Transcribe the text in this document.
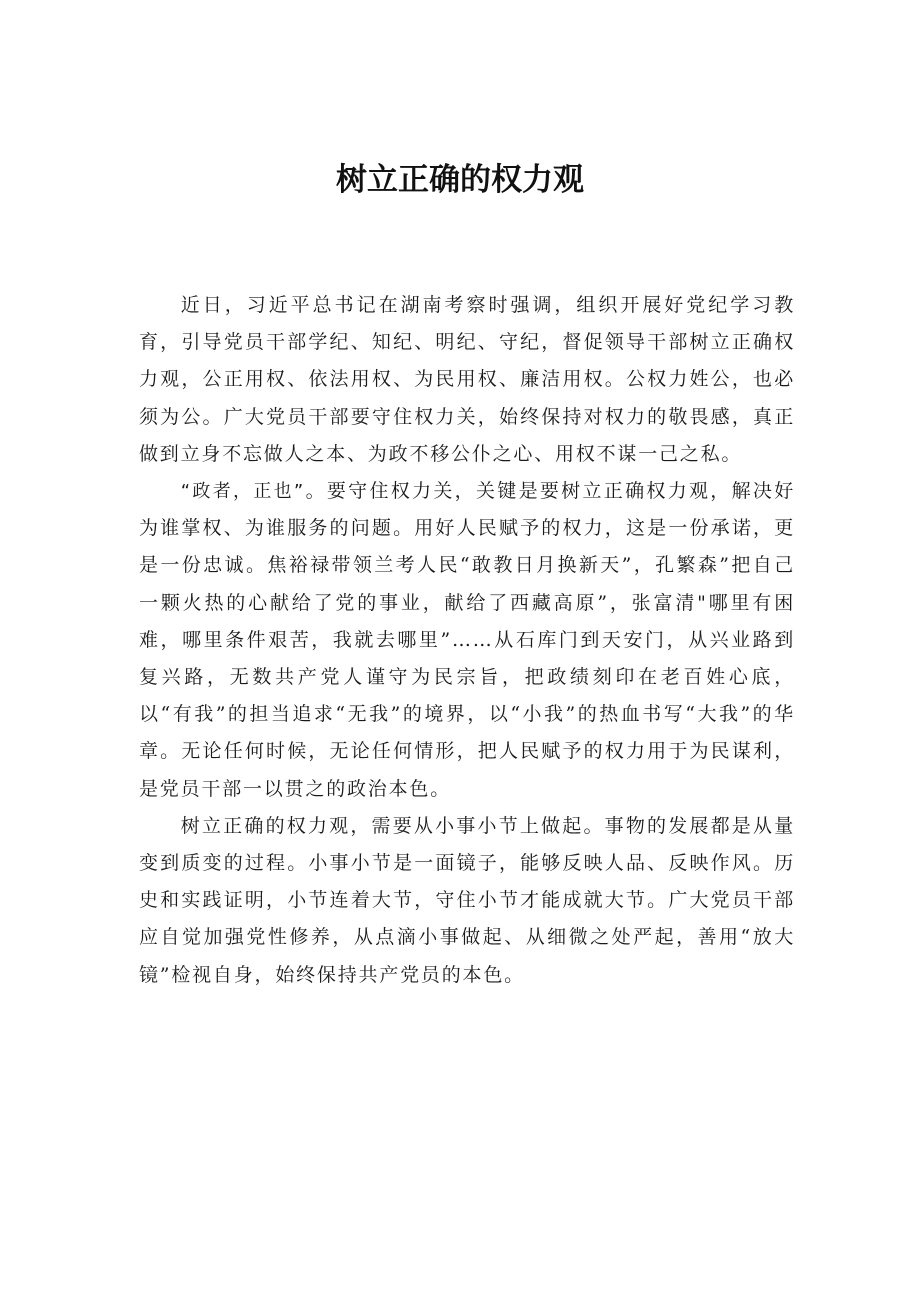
树立正确的权力观

近日，习近平总书记在湖南考察时强调，组织开展好党纪学习教育，引导党员干部学纪、知纪、明纪、守纪，督促领导干部树立正确权力观，公正用权、依法用权、为民用权、廉洁用权。公权力姓公，也必须为公。广大党员干部要守住权力关，始终保持对权力的敬畏感，真正做到立身不忘做人之本、为政不移公仆之心、用权不谋一己之私。

“政者，正也”。要守住权力关，关键是要树立正确权力观，解决好为谁掌权、为谁服务的问题。用好人民赋予的权力，这是一份承诺，更是一份忠诚。焦裕禄带领兰考人民“敢教日月换新天”，孔繁森”把自己一颗火热的心献给了党的事业，献给了西藏高原”，张富清"哪里有困难，哪里条件艰苦，我就去哪里”……从石库门到天安门，从兴业路到复兴路，无数共产党人谨守为民宗旨，把政绩刻印在老百姓心底，以“有我”的担当追求“无我”的境界，以“小我”的热血书写“大我”的华章。无论任何时候，无论任何情形，把人民赋予的权力用于为民谋利，是党员干部一以贯之的政治本色。

树立正确的权力观，需要从小事小节上做起。事物的发展都是从量变到质变的过程。小事小节是一面镜子，能够反映人品、反映作风。历史和实践证明，小节连着大节，守住小节才能成就大节。广大党员干部应自觉加强党性修养，从点滴小事做起、从细微之处严起，善用“放大镜”检视自身，始终保持共产党员的本色。
